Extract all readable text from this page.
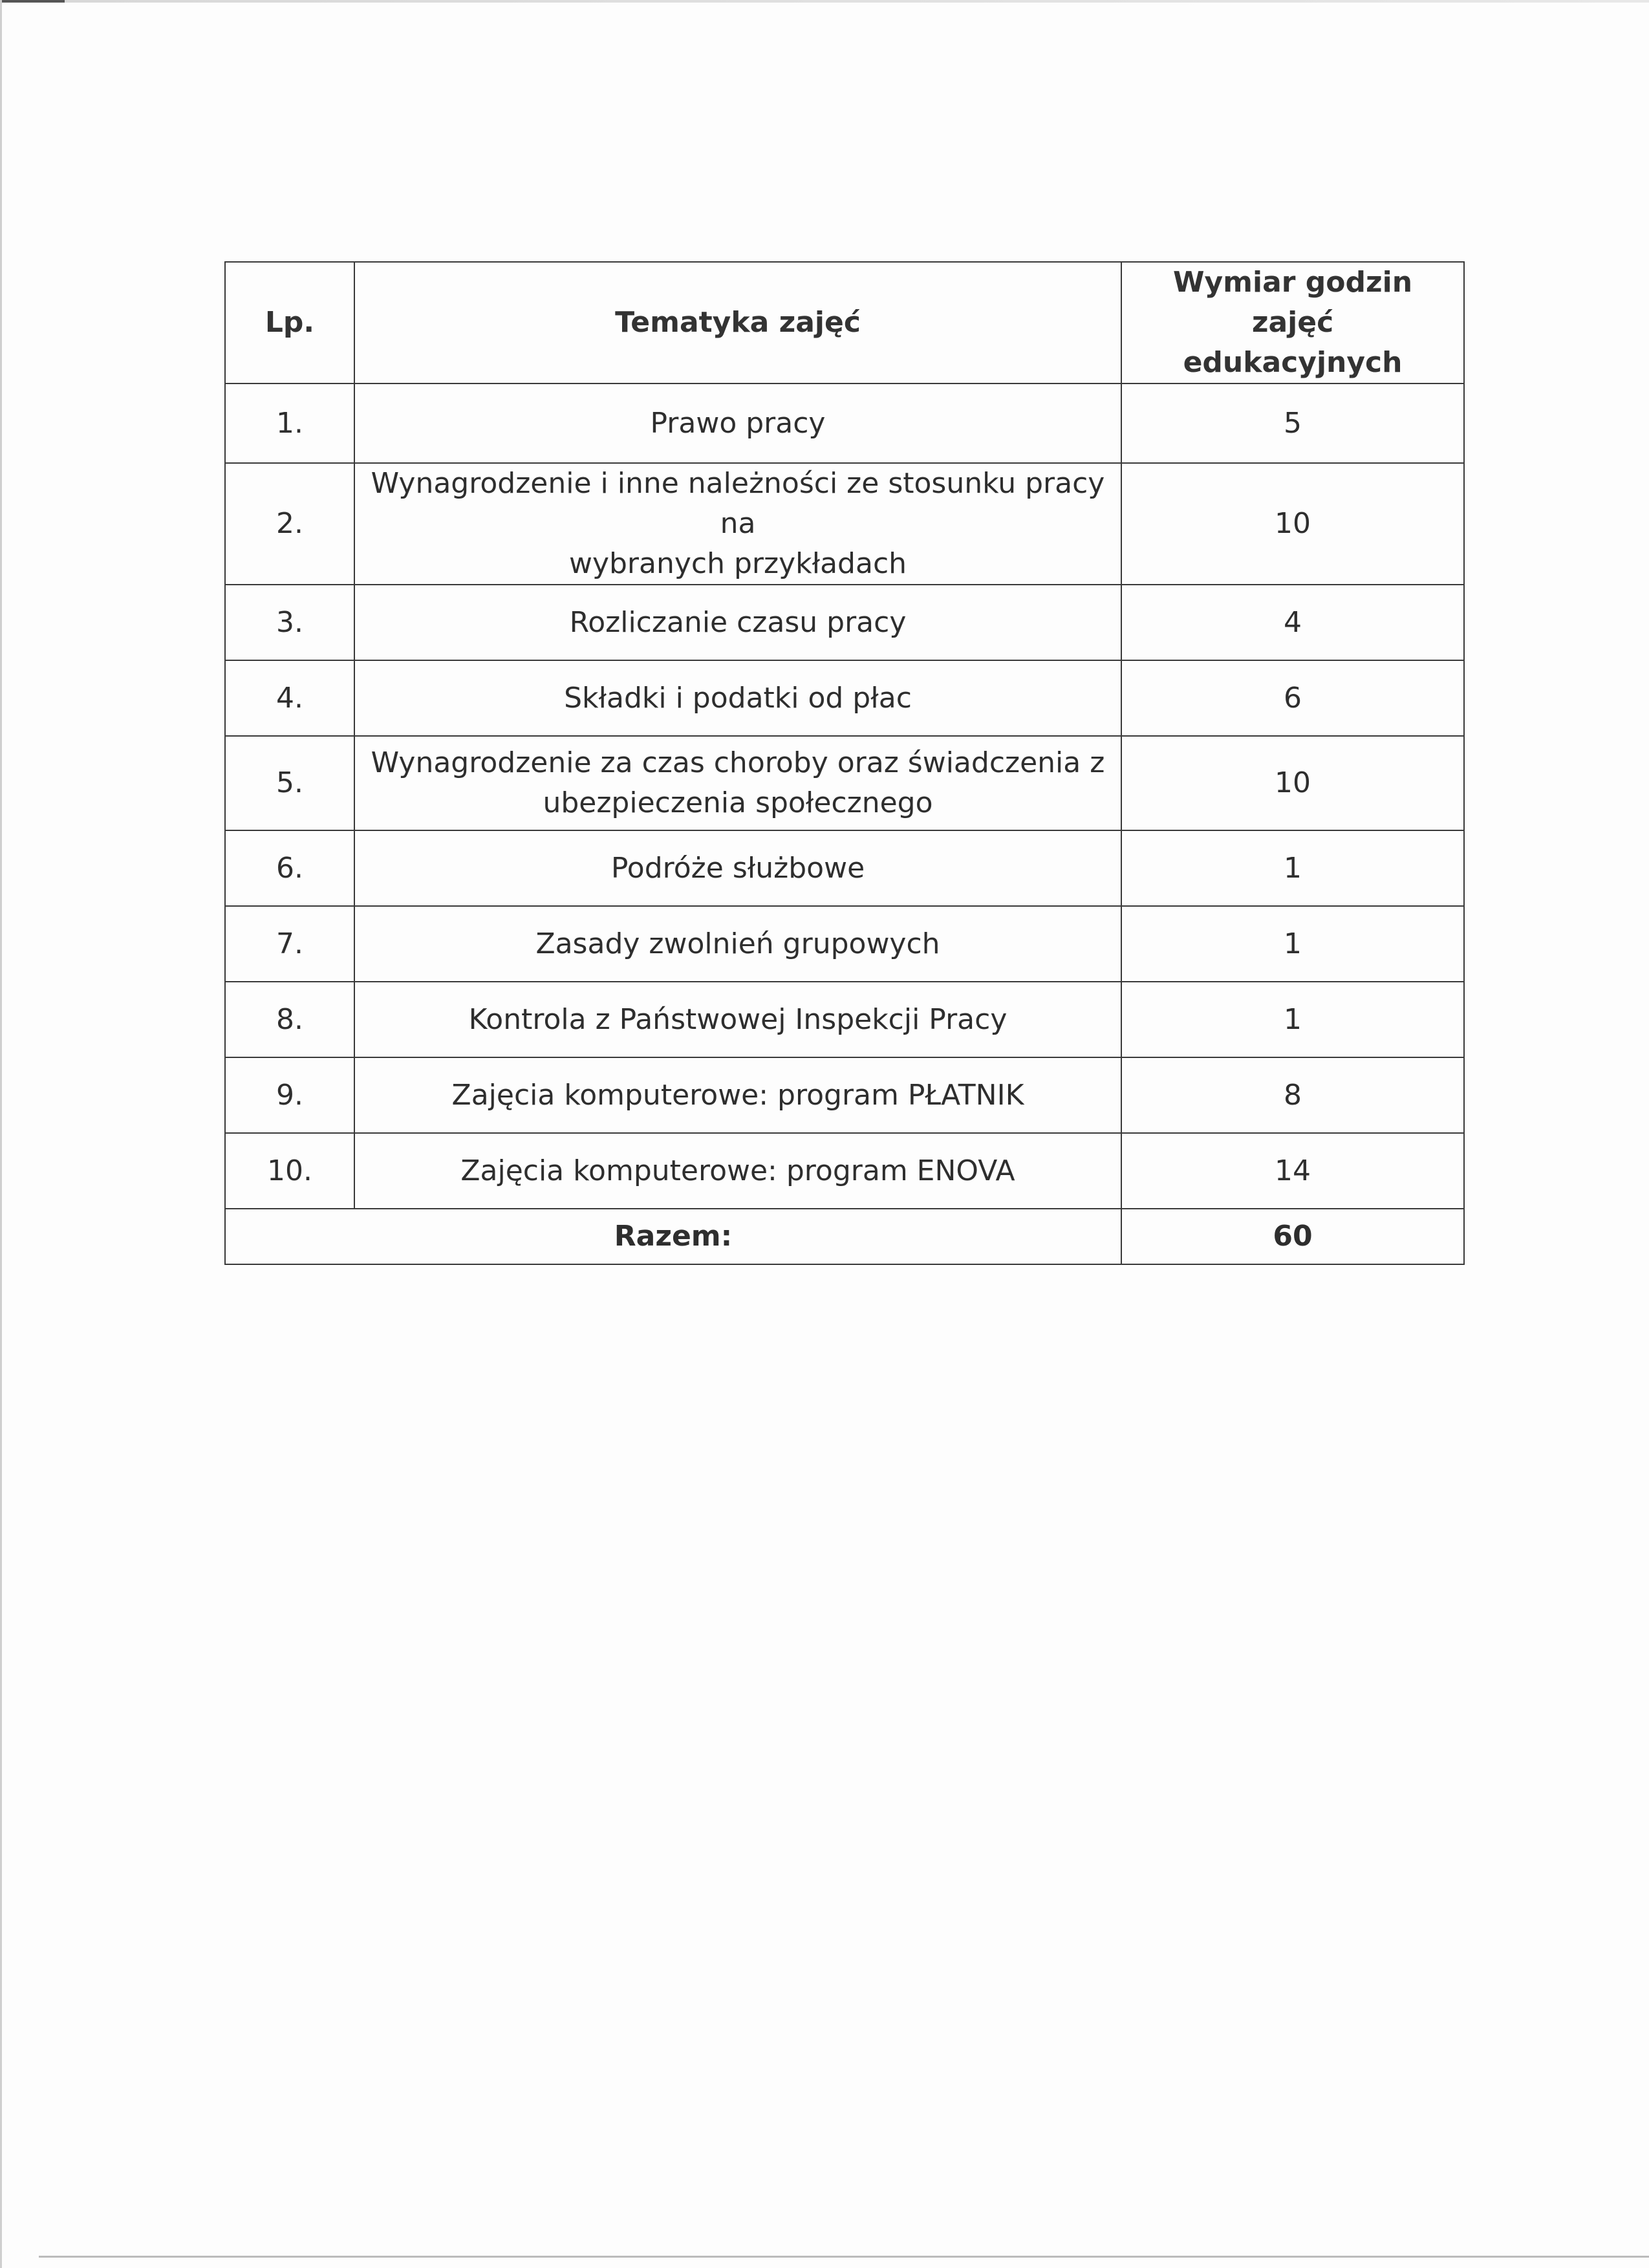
Lp.	Tematyka zajęć	Wymiar godzin zajęć
edukacyjnych
1.	Prawo pracy	5
2.	Wynagrodzenie i inne należności ze stosunku pracy na
wybranych przykładach	10
3.	Rozliczanie czasu pracy	4
4.	Składki i podatki od płac	6
5.	Wynagrodzenie za czas choroby oraz świadczenia z
ubezpieczenia społecznego	10
6.	Podróże służbowe	1
7.	Zasady zwolnień grupowych	1
8.	Kontrola z Państwowej Inspekcji Pracy	1
9.	Zajęcia komputerowe: program PŁATNIK	8
10.	Zajęcia komputerowe: program ENOVA	14
Razem:		60
